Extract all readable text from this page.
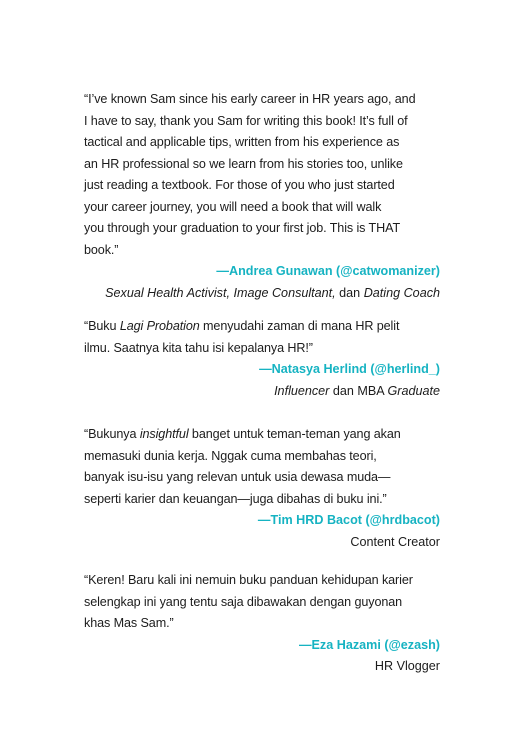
“I’ve known Sam since his early career in HR years ago, and
I have to say, thank you Sam for writing this book! It’s full of
tactical and applicable tips, written from his experience as
an HR professional so we learn from his stories too, unlike
just reading a textbook. For those of you who just started
your career journey, you will need a book that will walk
you through your graduation to your first job. This is THAT
book.”

—Andrea Gunawan (@catwomanizer)
Sexual Health Activist, Image Consultant, dan Dating Coach

“Buku Lagi Probation menyudahi zaman di mana HR pelit
ilmu. Saatnya kita tahu isi kepalanya HR!”

—Natasya Herlind (@herlind_)
Influencer dan MBA Graduate

“Bukunya insightful banget untuk teman-teman yang akan
memasuki dunia kerja. Nggak cuma membahas teori,
banyak isu-isu yang relevan untuk usia dewasa muda—
seperti karier dan keuangan—juga dibahas di buku ini.”

—Tim HRD Bacot (@hrdbacot)
Content Creator

“Keren! Baru kali ini nemuin buku panduan kehidupan karier
selengkap ini yang tentu saja dibawakan dengan guyonan
khas Mas Sam.”

—Eza Hazami (@ezash)
HR Vlogger
